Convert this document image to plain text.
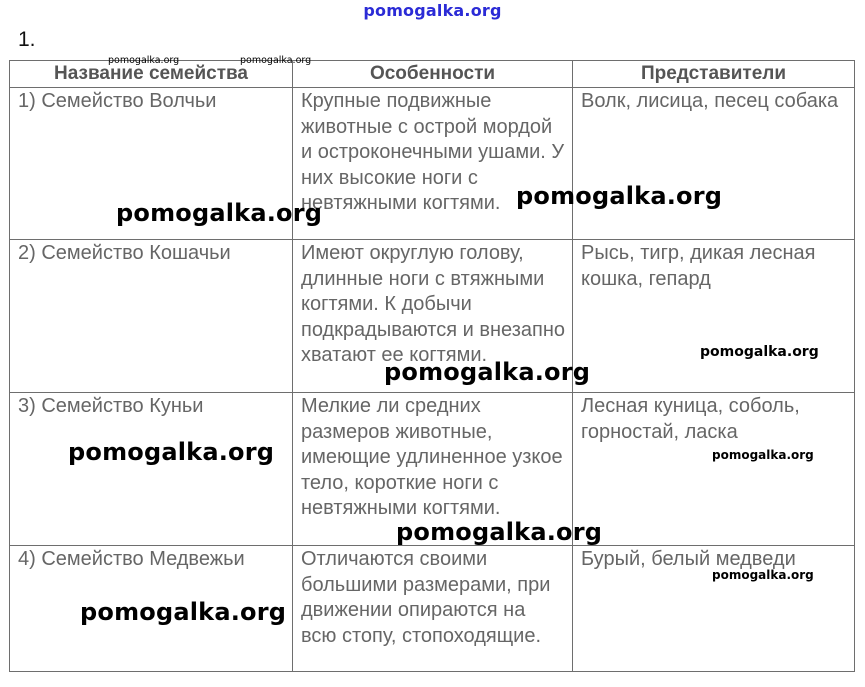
pomogalka.org
1.
Название семейства	Особенности	Представители
1) Семейство Волчьи	Крупные подвижные животные с острой мордой и остроконечными ушами. У них высокие ноги с невтяжными когтями.	Волк, лисица, песец собака
2) Семейство Кошачьи	Имеют округлую голову, длинные ноги с втяжными когтями. К добычи подкрадываются и внезапно хватают ее когтями.	Рысь, тигр, дикая лесная кошка, гепард
3) Семейство Куньи	Мелкие ли средних размеров животные, имеющие удлиненное узкое тело, короткие ноги с невтяжными когтями.	Лесная куница, соболь, горностай, ласка
4) Семейство Медвежьи	Отличаются своими большими размерами, при движении опираются на всю стопу, стопоходящие.	Бурый, белый медведи
pomogalka.org	pomogalka.org
pomogalka.org
pomogalka.org
pomogalka.org
pomogalka.org
pomogalka.org	pomogalka.org
pomogalka.org
pomogalka.org
pomogalka.org
